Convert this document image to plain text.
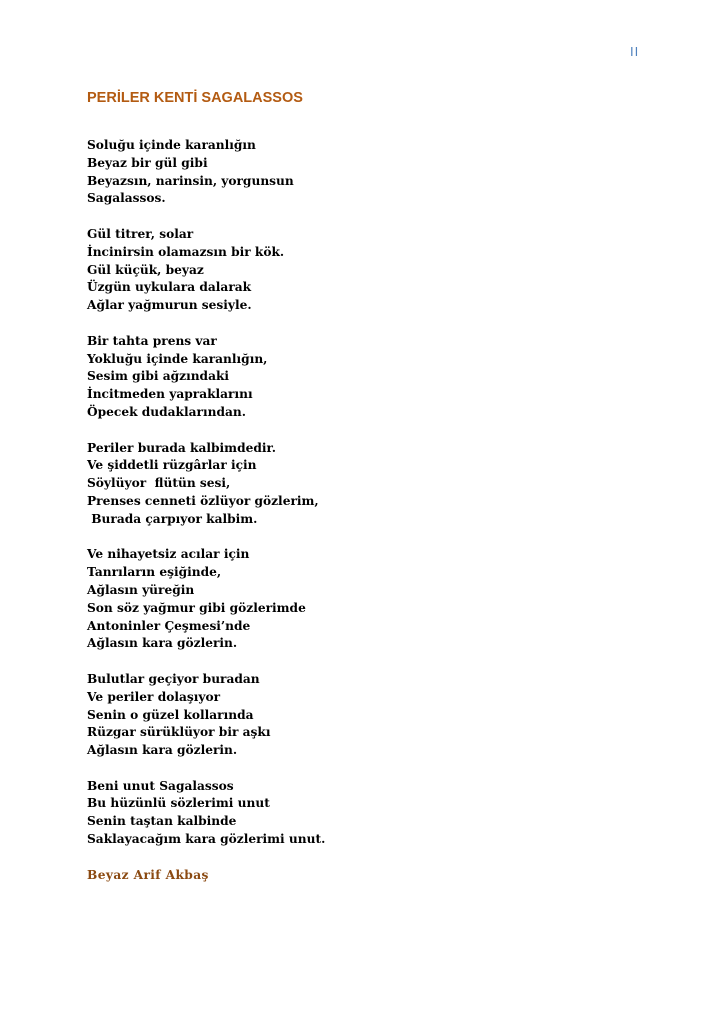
II
PERİLER KENTİ SAGALASSOS
Soluğu içinde karanlığın
Beyaz bir gül gibi
Beyazsın, narinsin, yorgunsun
Sagalassos.
Gül titrer, solar
İncinirsin olamazsın bir kök.
Gül küçük, beyaz
Üzgün uykulara dalarak
Ağlar yağmurun sesiyle.
Bir tahta prens var
Yokluğu içinde karanlığın,
Sesim gibi ağzındaki
İncitmeden yapraklarını
Öpecek dudaklarından.
Periler burada kalbimdedir.
Ve şiddetli rüzgârlar için
Söylüyor  flütün sesi,
Prenses cenneti özlüyor gözlerim,
Burada çarpıyor kalbim.
Ve nihayetsiz acılar için
Tanrıların eşiğinde,
Ağlasın yüreğin
Son söz yağmur gibi gözlerimde
Antoninler Çeşmesi’nde
Ağlasın kara gözlerin.
Bulutlar geçiyor buradan
Ve periler dolaşıyor
Senin o güzel kollarında
Rüzgar sürüklüyor bir aşkı
Ağlasın kara gözlerin.
Beni unut Sagalassos
Bu hüzünlü sözlerimi unut
Senin taştan kalbinde
Saklayacağım kara gözlerimi unut.
Beyaz Arif Akbaş
